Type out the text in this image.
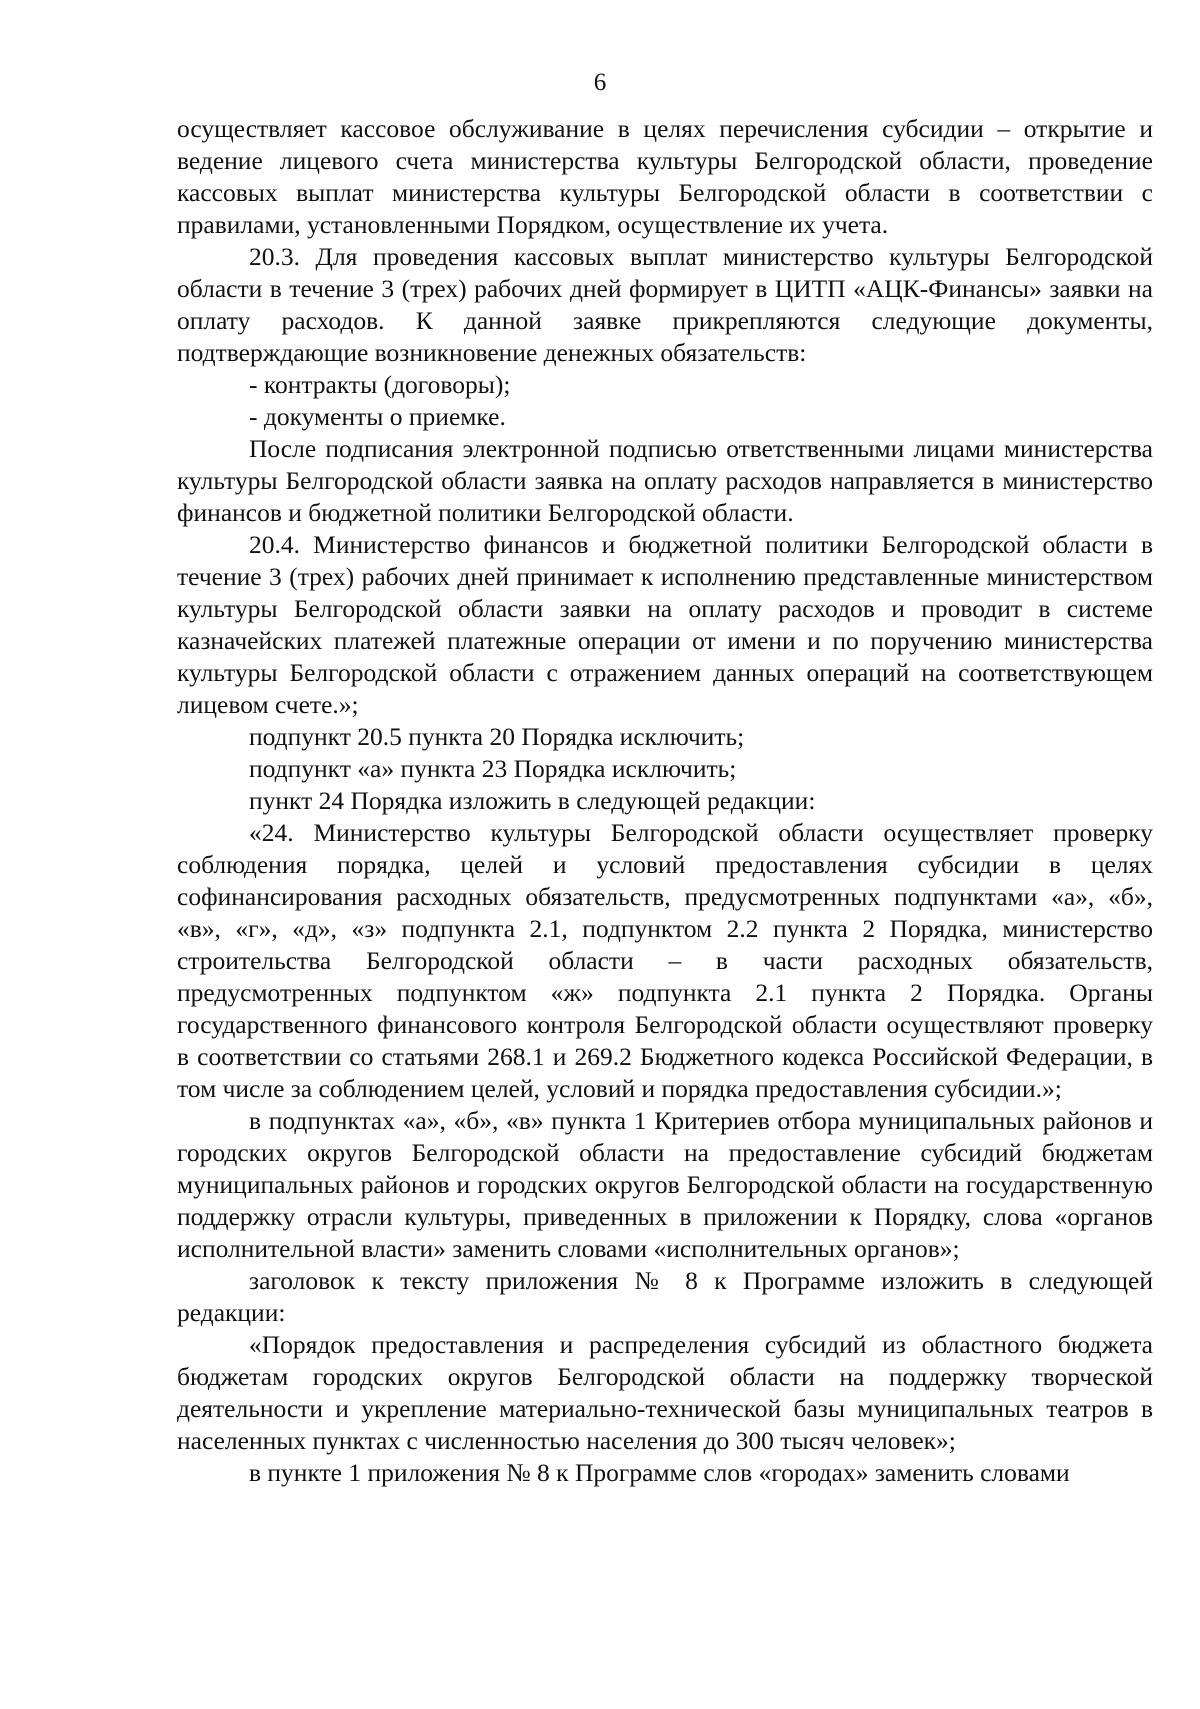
6

осуществляет кассовое обслуживание в целях перечисления субсидии – открытие и ведение лицевого счета министерства культуры Белгородской области, проведение кассовых выплат министерства культуры Белгородской области в соответствии с правилами, установленными Порядком, осуществление их учета.

20.3. Для проведения кассовых выплат министерство культуры Белгородской области в течение 3 (трех) рабочих дней формирует в ЦИТП «АЦК-Финансы» заявки на оплату расходов. К данной заявке прикрепляются следующие документы, подтверждающие возникновение денежных обязательств:

- контракты (договоры);

- документы о приемке.

После подписания электронной подписью ответственными лицами министерства культуры Белгородской области заявка на оплату расходов направляется в министерство финансов и бюджетной политики Белгородской области.

20.4. Министерство финансов и бюджетной политики Белгородской области в течение 3 (трех) рабочих дней принимает к исполнению представленные министерством культуры Белгородской области заявки на оплату расходов и проводит в системе казначейских платежей платежные операции от имени и по поручению министерства культуры Белгородской области с отражением данных операций на соответствующем лицевом счете.»;

подпункт 20.5 пункта 20 Порядка исключить;

подпункт «а» пункта 23 Порядка исключить;

пункт 24 Порядка изложить в следующей редакции:

«24. Министерство культуры Белгородской области осуществляет проверку соблюдения порядка, целей и условий предоставления субсидии в целях софинансирования расходных обязательств, предусмотренных подпунктами «а», «б», «в», «г», «д», «з» подпункта 2.1, подпунктом 2.2 пункта 2 Порядка, министерство строительства Белгородской области – в части расходных обязательств, предусмотренных подпунктом «ж» подпункта 2.1 пункта 2 Порядка. Органы государственного финансового контроля Белгородской области осуществляют проверку в соответствии со статьями 268.1 и 269.2 Бюджетного кодекса Российской Федерации, в том числе за соблюдением целей, условий и порядка предоставления субсидии.»;

в подпунктах «а», «б», «в» пункта 1 Критериев отбора муниципальных районов и городских округов Белгородской области на предоставление субсидий бюджетам муниципальных районов и городских округов Белгородской области на государственную поддержку отрасли культуры, приведенных в приложении к Порядку, слова «органов исполнительной власти» заменить словами «исполнительных органов»;

заголовок к тексту приложения № 8 к Программе изложить в следующей редакции:

«Порядок предоставления и распределения субсидий из областного бюджета бюджетам городских округов Белгородской области на поддержку творческой деятельности и укрепление материально-технической базы муниципальных театров в населенных пунктах с численностью населения до 300 тысяч человек»;

в пункте 1 приложения № 8 к Программе слов «городах» заменить словами
